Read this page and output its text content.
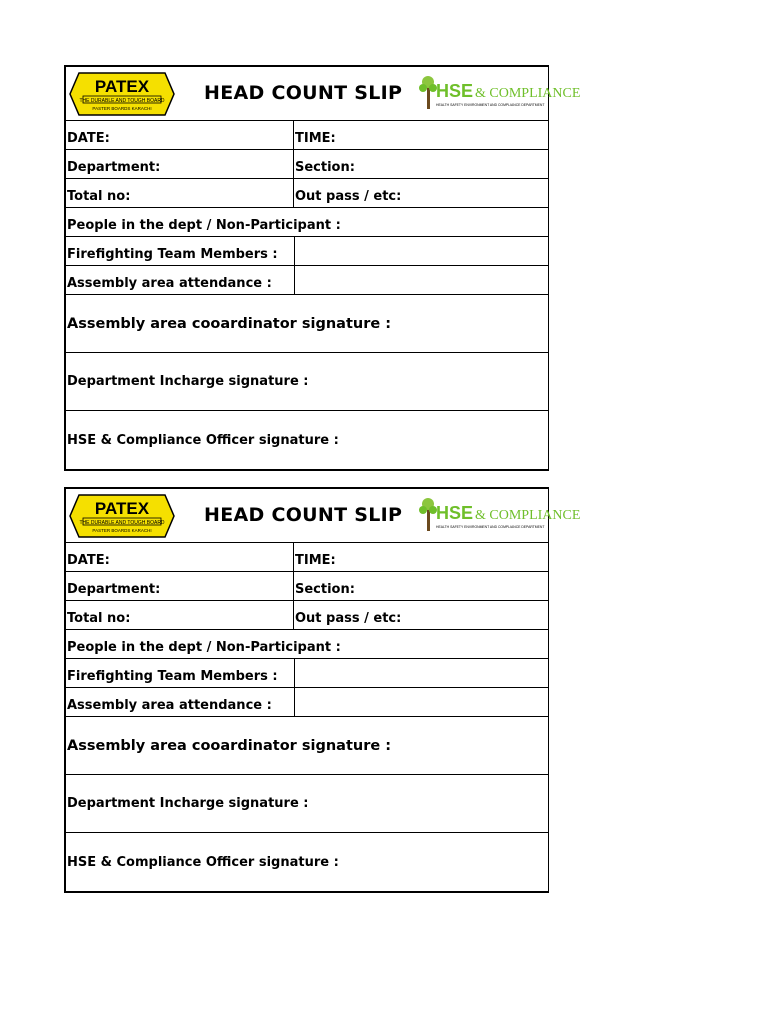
PATEX
THE DURABLE AND TOUGH BOARD
PASTER BOARDS KARACHI
HEAD COUNT SLIP HSE & COMPLIANCE
HEALTH SAFETY ENVIRONMENT AND COMPLIANCE DEPARTMENT
DATE:	TIME:
Department:	Section:
Total no:	Out pass / etc:
People in the dept / Non-Participant :
Firefighting Team Members :
Assembly area attendance :
Assembly area cooardinator signature :
Department Incharge signature :
HSE & Compliance Officer signature :
PATEX
THE DURABLE AND TOUGH BOARD
PASTER BOARDS KARACHI
HEAD COUNT SLIP HSE & COMPLIANCE
HEALTH SAFETY ENVIRONMENT AND COMPLIANCE DEPARTMENT
DATE:	TIME:
Department:	Section:
Total no:	Out pass / etc:
People in the dept / Non-Participant :
Firefighting Team Members :
Assembly area attendance :
Assembly area cooardinator signature :
Department Incharge signature :
HSE & Compliance Officer signature :
